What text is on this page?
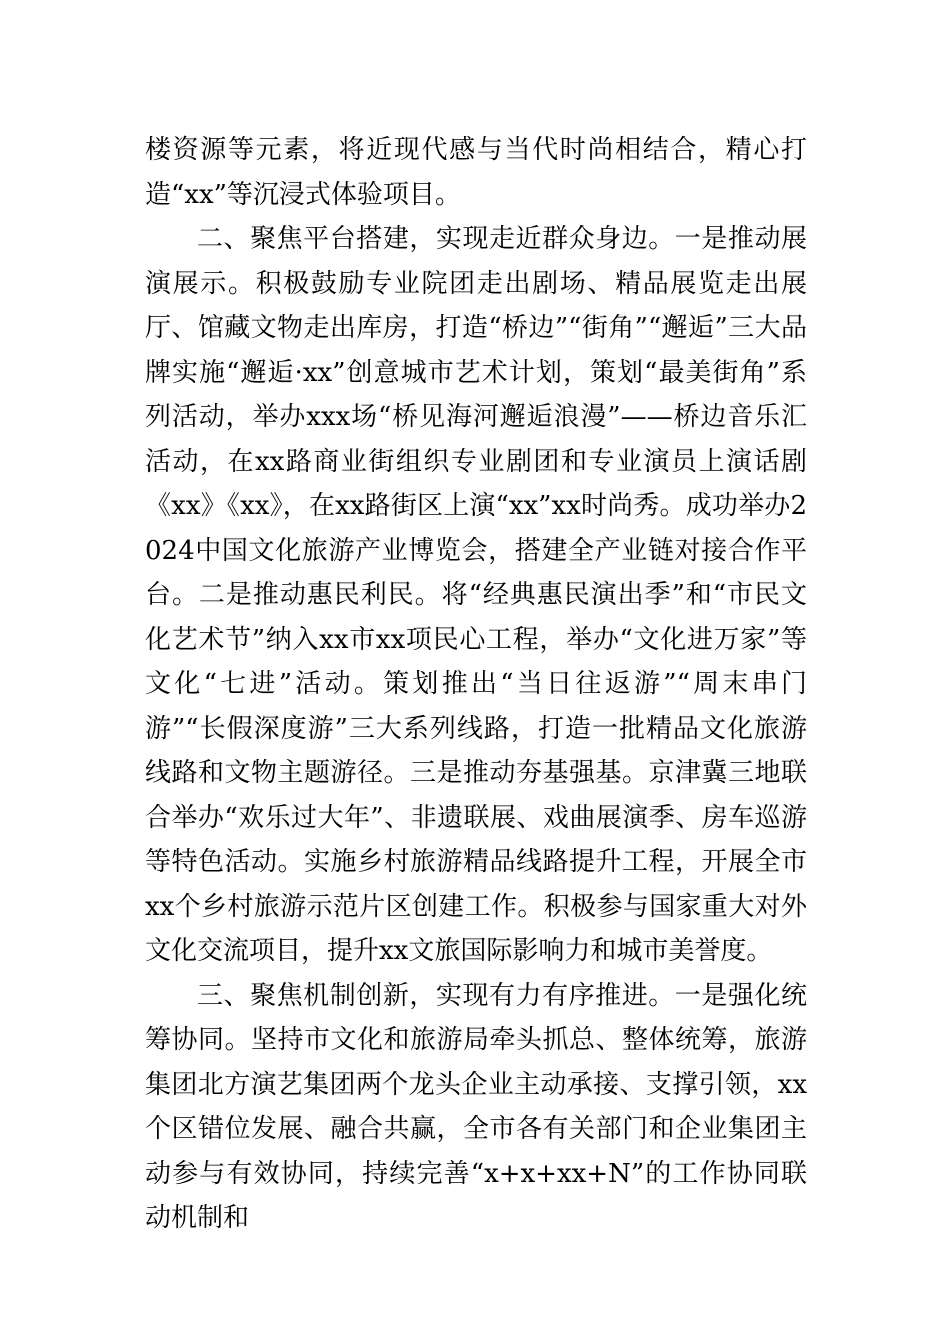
楼资源等元素，将近现代感与当代时尚相结合，精心打造“xx”等沉浸式体验项目。

二、聚焦平台搭建，实现走近群众身边。一是推动展演展示。积极鼓励专业院团走出剧场、精品展览走出展厅、馆藏文物走出库房，打造“桥边”“街角”“邂逅”三大品牌实施“邂逅·xx”创意城市艺术计划，策划“最美街角”系列活动，举办xxx场“桥见海河邂逅浪漫”——桥边音乐汇活动，在xx路商业街组织专业剧团和专业演员上演话剧《xx》《xx》，在xx路街区上演“xx”xx时尚秀。成功举办2024中国文化旅游产业博览会，搭建全产业链对接合作平台。二是推动惠民利民。将“经典惠民演出季”和“市民文化艺术节”纳入xx市xx项民心工程，举办“文化进万家”等文化“七进”活动。策划推出“当日往返游”“周末串门游”“长假深度游”三大系列线路，打造一批精品文化旅游线路和文物主题游径。三是推动夯基强基。京津冀三地联合举办“欢乐过大年”、非遗联展、戏曲展演季、房车巡游等特色活动。实施乡村旅游精品线路提升工程，开展全市xx个乡村旅游示范片区创建工作。积极参与国家重大对外文化交流项目，提升xx文旅国际影响力和城市美誉度。

三、聚焦机制创新，实现有力有序推进。一是强化统筹协同。坚持市文化和旅游局牵头抓总、整体统筹，旅游集团北方演艺集团两个龙头企业主动承接、支撑引领，xx个区错位发展、融合共赢，全市各有关部门和企业集团主动参与有效协同，持续完善“x+x+xx+N”的工作协同联动机制和
